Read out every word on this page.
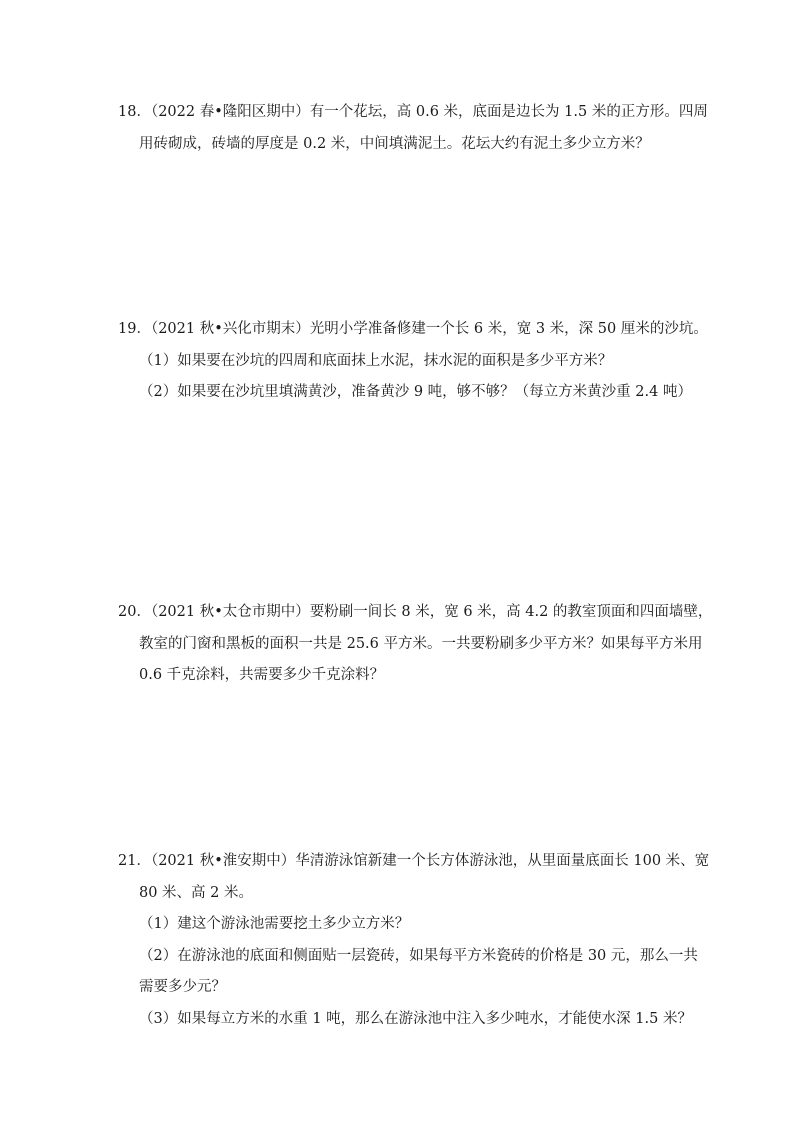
18．（2022 春•隆阳区期中）有一个花坛，高 0.6 米，底面是边长为 1.5 米的正方形。四周
用砖砌成，砖墙的厚度是 0.2 米，中间填满泥土。花坛大约有泥土多少立方米？
19．（2021 秋•兴化市期末）光明小学准备修建一个长 6 米，宽 3 米，深 50 厘米的沙坑。
（1）如果要在沙坑的四周和底面抹上水泥，抹水泥的面积是多少平方米？
（2）如果要在沙坑里填满黄沙，准备黄沙 9 吨，够不够？（每立方米黄沙重 2.4 吨）
20．（2021 秋•太仓市期中）要粉刷一间长 8 米，宽 6 米，高 4.2 的教室顶面和四面墙壁，
教室的门窗和黑板的面积一共是 25.6 平方米。一共要粉刷多少平方米？如果每平方米用
0.6 千克涂料，共需要多少千克涂料？
21．（2021 秋•淮安期中）华清游泳馆新建一个长方体游泳池，从里面量底面长 100 米、宽
80 米、高 2 米。
（1）建这个游泳池需要挖土多少立方米？
（2）在游泳池的底面和侧面贴一层瓷砖，如果每平方米瓷砖的价格是 30 元，那么一共
需要多少元？
（3）如果每立方米的水重 1 吨，那么在游泳池中注入多少吨水，才能使水深 1.5 米？
